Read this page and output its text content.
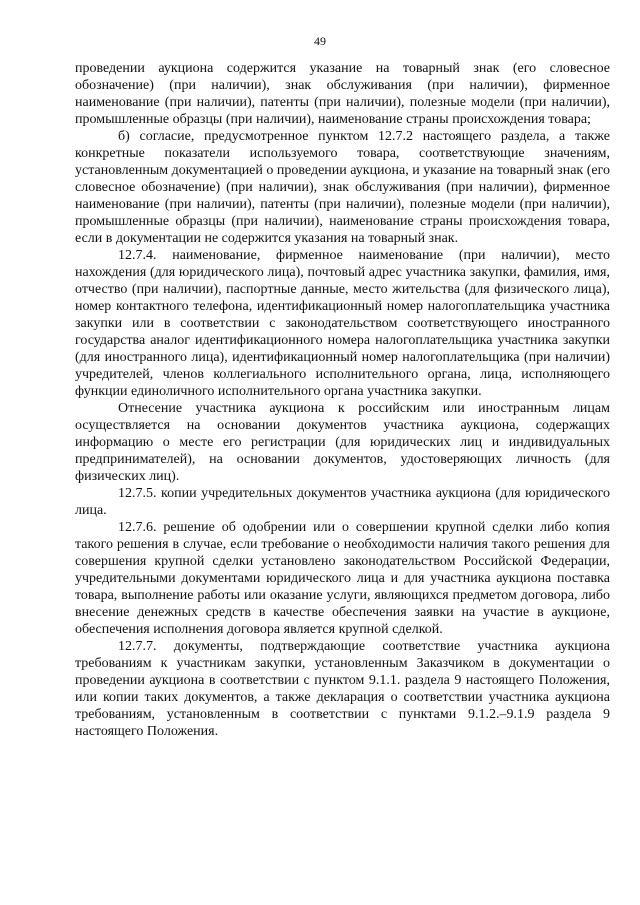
49

проведении аукциона содержится указание на товарный знак (его словесное обозначение) (при наличии), знак обслуживания (при наличии), фирменное наименование (при наличии), патенты (при наличии), полезные модели (при наличии), промышленные образцы (при наличии), наименование страны происхождения товара;

б) согласие, предусмотренное пунктом 12.7.2 настоящего раздела, а также конкретные показатели используемого товара, соответствующие значениям, установленным документацией о проведении аукциона, и указание на товарный знак (его словесное обозначение) (при наличии), знак обслуживания (при наличии), фирменное наименование (при наличии), патенты (при наличии), полезные модели (при наличии), промышленные образцы (при наличии), наименование страны происхождения товара, если в документации не содержится указания на товарный знак.

12.7.4. наименование, фирменное наименование (при наличии), место нахождения (для юридического лица), почтовый адрес участника закупки, фамилия, имя, отчество (при наличии), паспортные данные, место жительства (для физического лица), номер контактного телефона, идентификационный номер налогоплательщика участника закупки или в соответствии с законодательством соответствующего иностранного государства аналог идентификационного номера налогоплательщика участника закупки (для иностранного лица), идентификационный номер налогоплательщика (при наличии) учредителей, членов коллегиального исполнительного органа, лица, исполняющего функции единоличного исполнительного органа участника закупки.

Отнесение участника аукциона к российским или иностранным лицам осуществляется на основании документов участника аукциона, содержащих информацию о месте его регистрации (для юридических лиц и индивидуальных предпринимателей), на основании документов, удостоверяющих личность (для физических лиц).

12.7.5. копии учредительных документов участника аукциона (для юридического лица.

12.7.6. решение об одобрении или о совершении крупной сделки либо копия такого решения в случае, если требование о необходимости наличия такого решения для совершения крупной сделки установлено законодательством Российской Федерации, учредительными документами юридического лица и для участника аукциона поставка товара, выполнение работы или оказание услуги, являющихся предметом договора, либо внесение денежных средств в качестве обеспечения заявки на участие в аукционе, обеспечения исполнения договора является крупной сделкой.

12.7.7. документы, подтверждающие соответствие участника аукциона требованиям к участникам закупки, установленным Заказчиком в документации о проведении аукциона в соответствии с пунктом 9.1.1. раздела 9 настоящего Положения, или копии таких документов, а также декларация о соответствии участника аукциона требованиям, установленным в соответствии с пунктами 9.1.2.–9.1.9 раздела 9 настоящего Положения.
